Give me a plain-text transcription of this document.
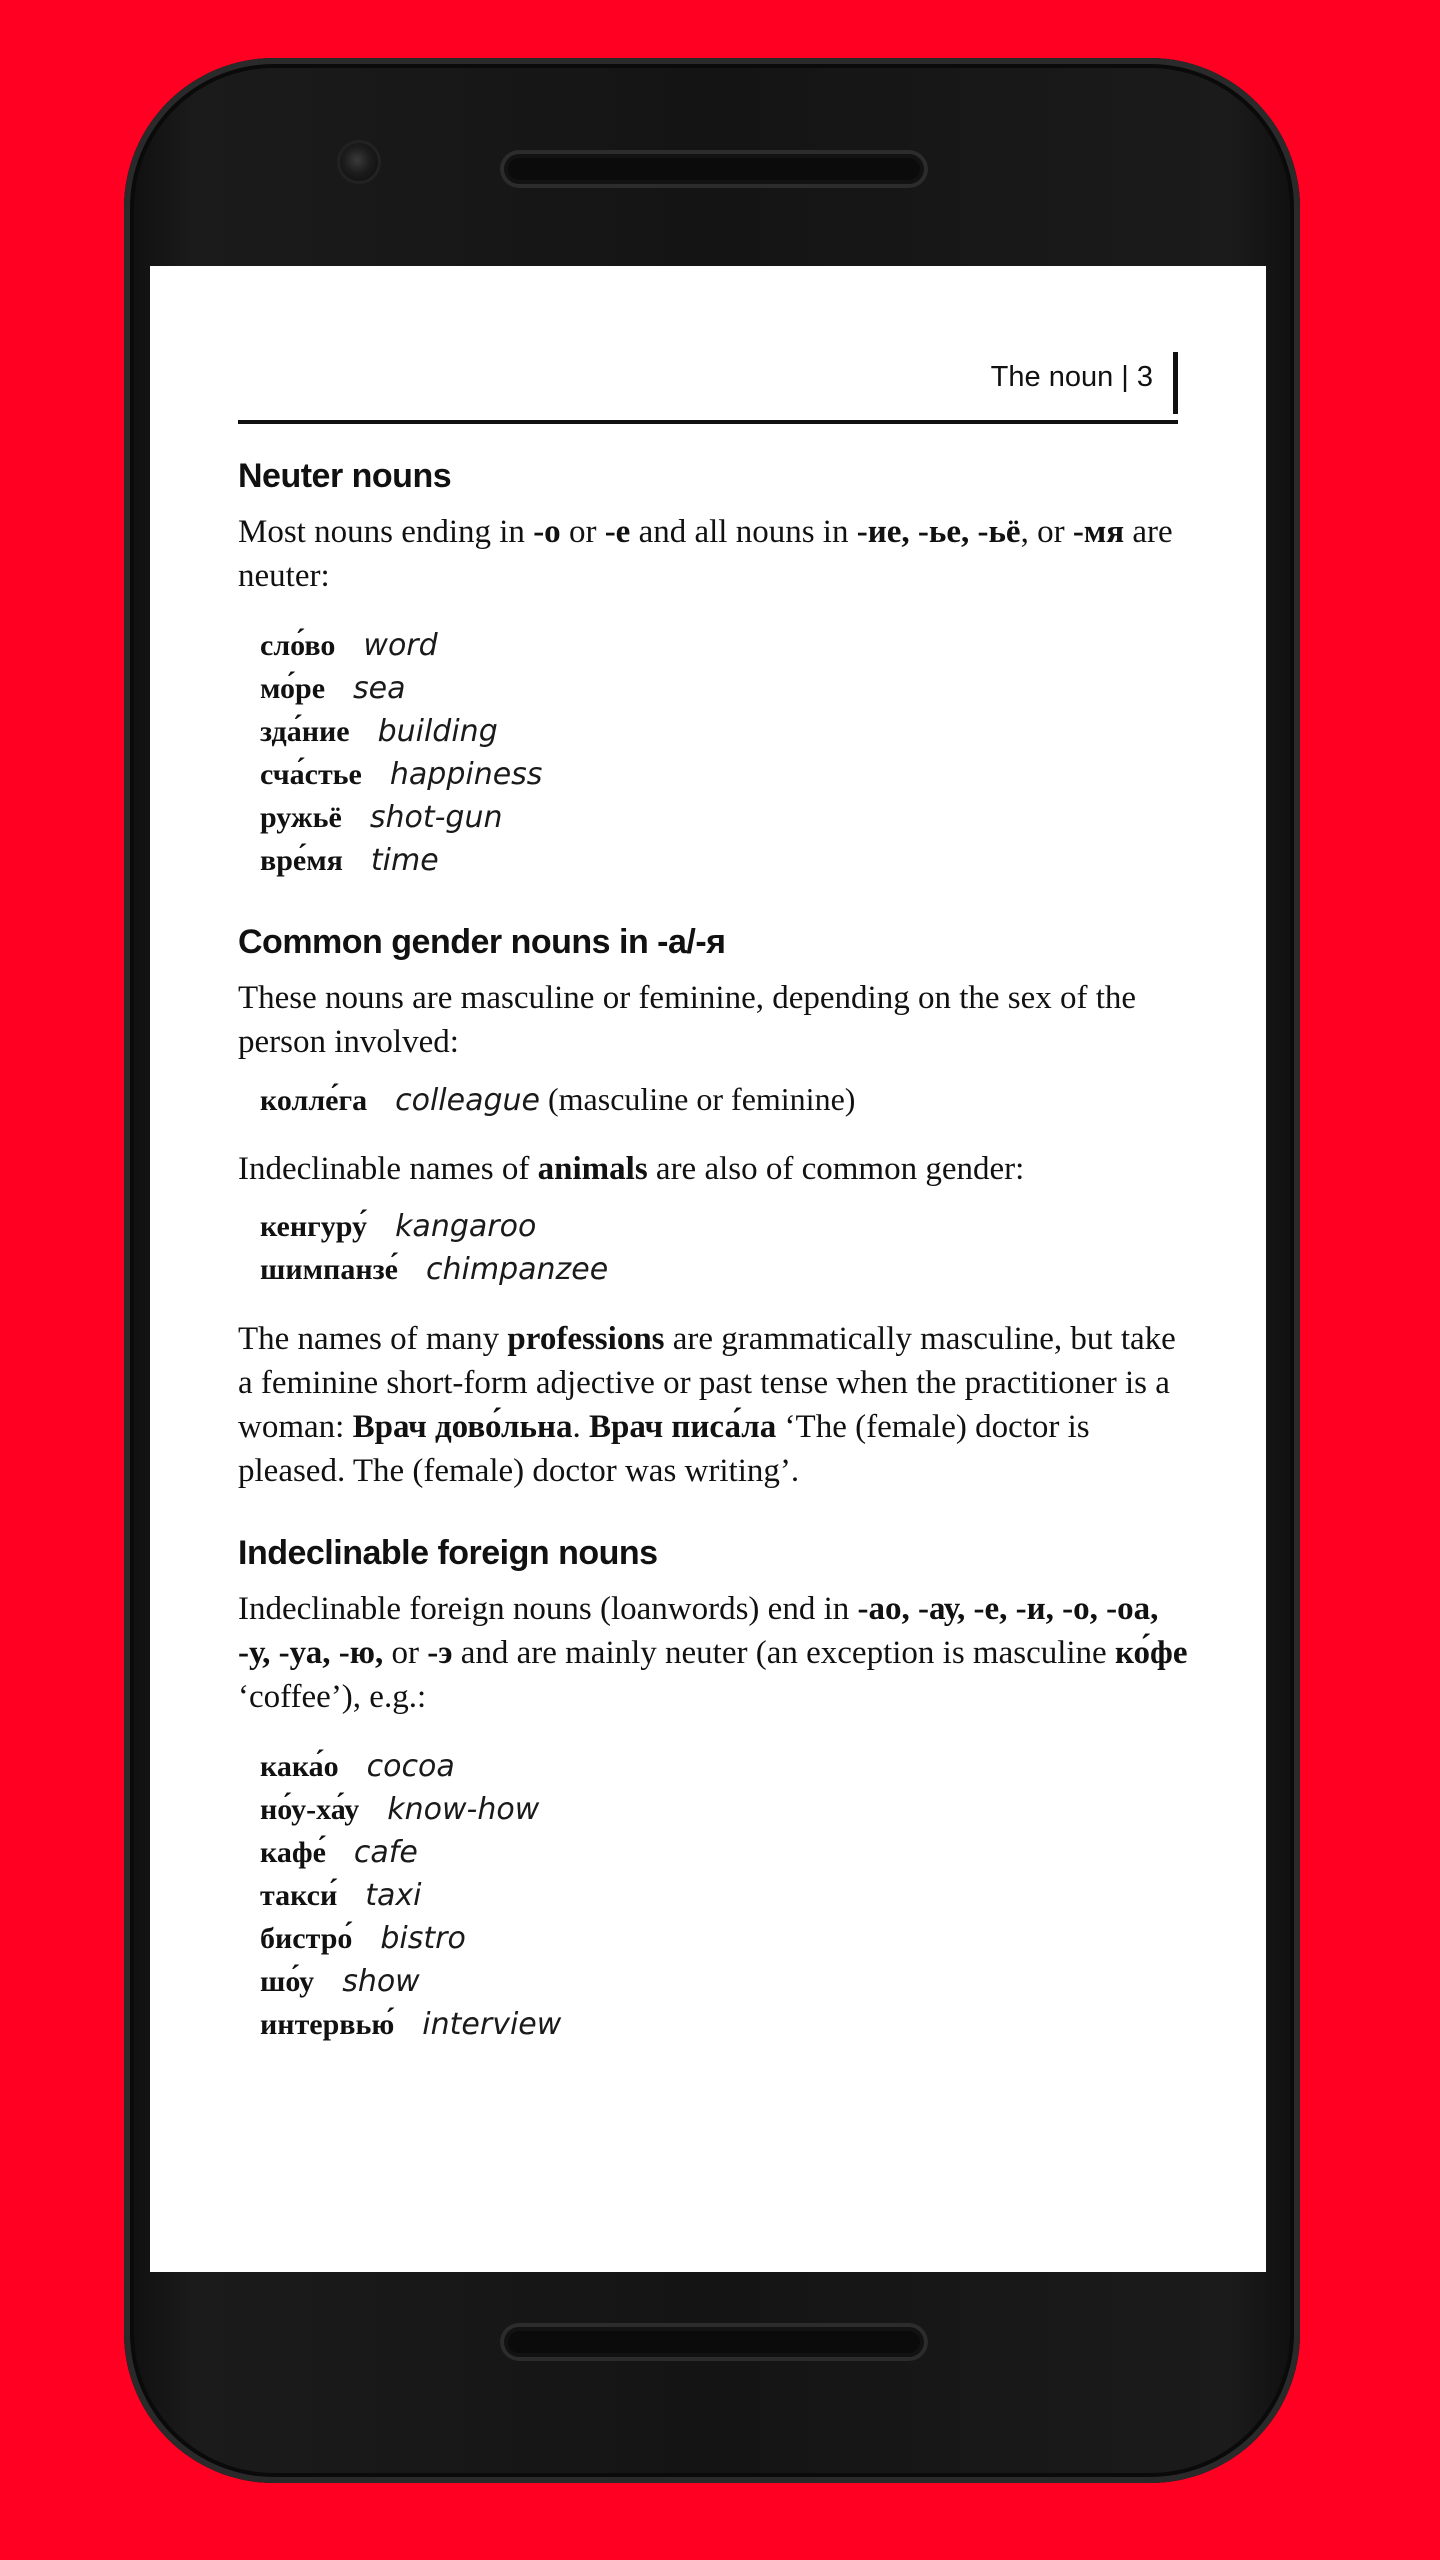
The noun | 3
Neuter nouns

Most nouns ending in -о or -е and all nouns in -ие, -ье, -ьё, or -мя are neuter:

сло́во word
мо́ре sea
зда́ние building
сча́стье happiness
ружьё shot-gun
вре́мя time
Common gender nouns in -а/-я

These nouns are masculine or feminine, depending on the sex of the person involved:

колле́га colleague (masculine or feminine)

Indeclinable names of animals are also of common gender:

кенгуру́ kangaroo
шимпанзе́ chimpanzee

The names of many professions are grammatically masculine, but take a feminine short-form adjective or past tense when the practitioner is a woman: Врач дово́льна. Врач писа́ла ‘The (female) doctor is pleased. The (female) doctor was writing’.

Indeclinable foreign nouns

Indeclinable foreign nouns (loanwords) end in -ао, -ау, -е, -и, -о, -оа, -у, -уа, -ю, or -э and are mainly neuter (an exception is masculine ко́фе ‘coffee’), e.g.:

кака́о cocoa
но́у-ха́у know-how
кафе́ cafe
такси́ taxi
бистро́ bistro
шо́у show
интервью́ interview
